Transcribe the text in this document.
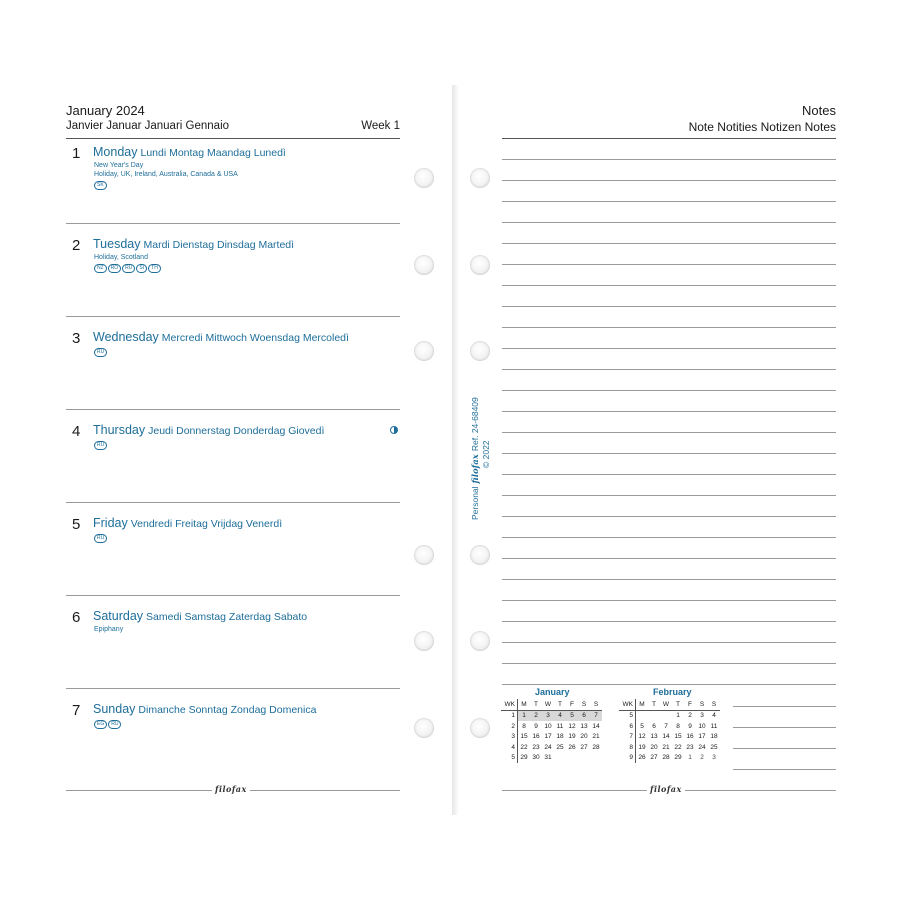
January 2024
Janvier Januar Januari Gennaio	Week 1
1 Monday Lundi Montag Maandag Lunedì
New Year's Day
Holiday, UK, Ireland, Australia, Canada & USA
SK
2 Tuesday Mardi Dienstag Dinsdag Martedì
Holiday, Scotland
NZ RO RU SI TH
3 Wednesday Mercredi Mittwoch Woensdag Mercoledì
RU
4 Thursday Jeudi Donnerstag Donderdag Giovedì
RU
5 Friday Vendredi Freitag Vrijdag Venerdì
RU
6 Saturday Samedi Samstag Zaterdag Sabato
Epiphany
7 Sunday Dimanche Sonntag Zondag Domenica
EG RU
filofax
PersonalfilofaxRef. 24-68409
© 2022
Notes
Note Notities Notizen Notes
January
WK	M	T	W	T	F	S	S
1	1	2	3	4	5	6	7
2	8	9	10	11	12	13	14
3	15	16	17	18	19	20	21
4	22	23	24	25	26	27	28
5	29	30	31				
February
WK	M	T	W	T	F	S	S
5				1	2	3	4
6	5	6	7	8	9	10	11
7	12	13	14	15	16	17	18
8	19	20	21	22	23	24	25
9	26	27	28	29	1	2	3
filofax
